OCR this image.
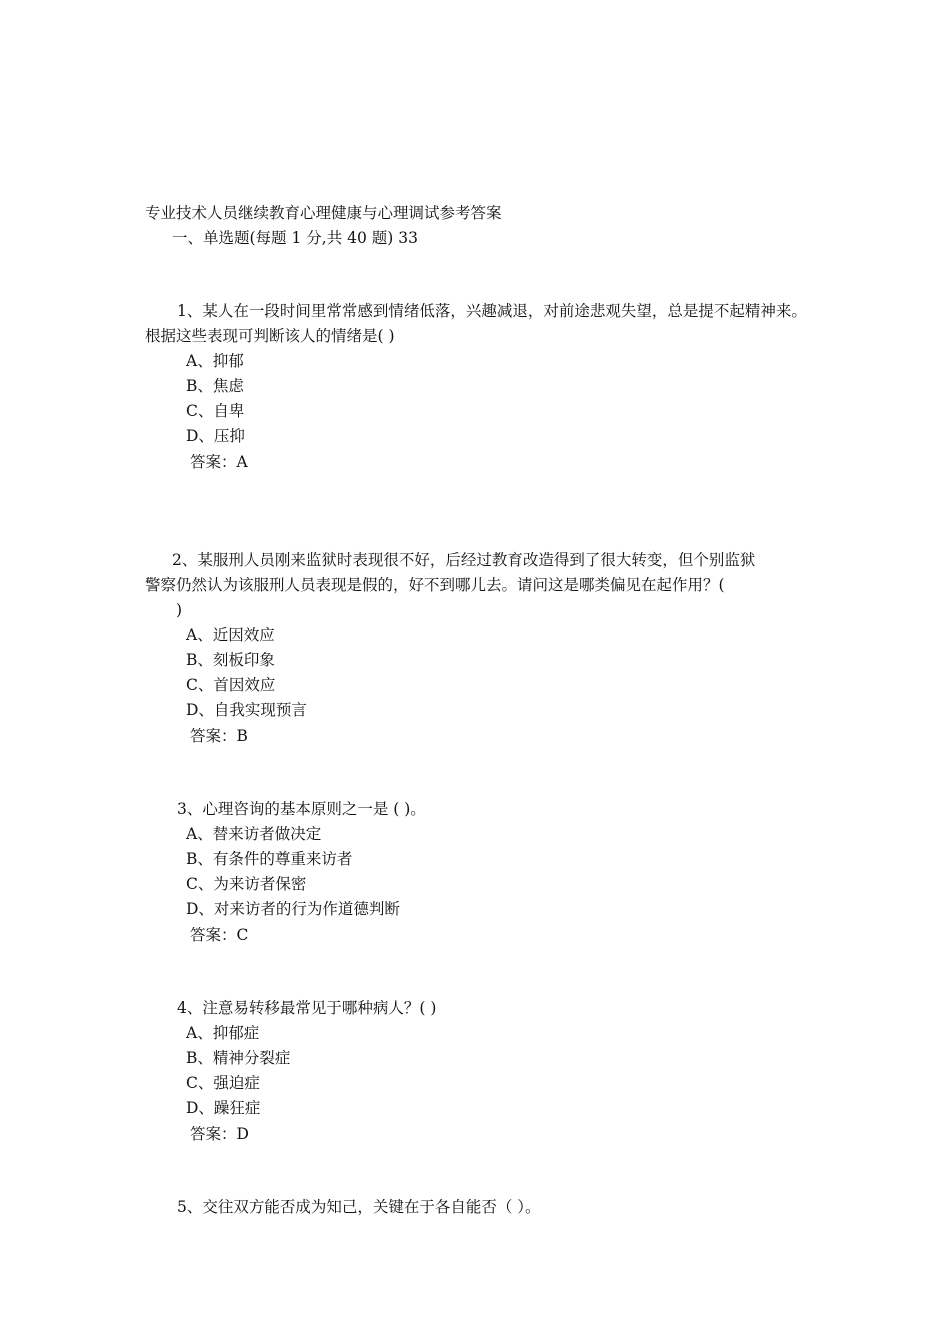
专业技术人员继续教育心理健康与心理调试参考答案
一、单选题(每题 1 分,共 40 题) 33
1、某人在一段时间里常常感到情绪低落，兴趣减退，对前途悲观失望，总是提不起精神来。根据这些表现可判断该人的情绪是( )
A、抑郁
B、焦虑
C、自卑
D、压抑
答案：A
2、某服刑人员刚来监狱时表现很不好，后经过教育改造得到了很大转变，但个别监狱
警察仍然认为该服刑人员表现是假的，好不到哪儿去。请问这是哪类偏见在起作用？(
)
A、近因效应
B、刻板印象
C、首因效应
D、自我实现预言
答案：B
3、心理咨询的基本原则之一是 ( )。
A、替来访者做决定
B、有条件的尊重来访者
C、为来访者保密
D、对来访者的行为作道德判断
答案：C
4、注意易转移最常见于哪种病人？( )
A、抑郁症
B、精神分裂症
C、强迫症
D、躁狂症
答案：D
5、交往双方能否成为知己，关键在于各自能否（ ）。
